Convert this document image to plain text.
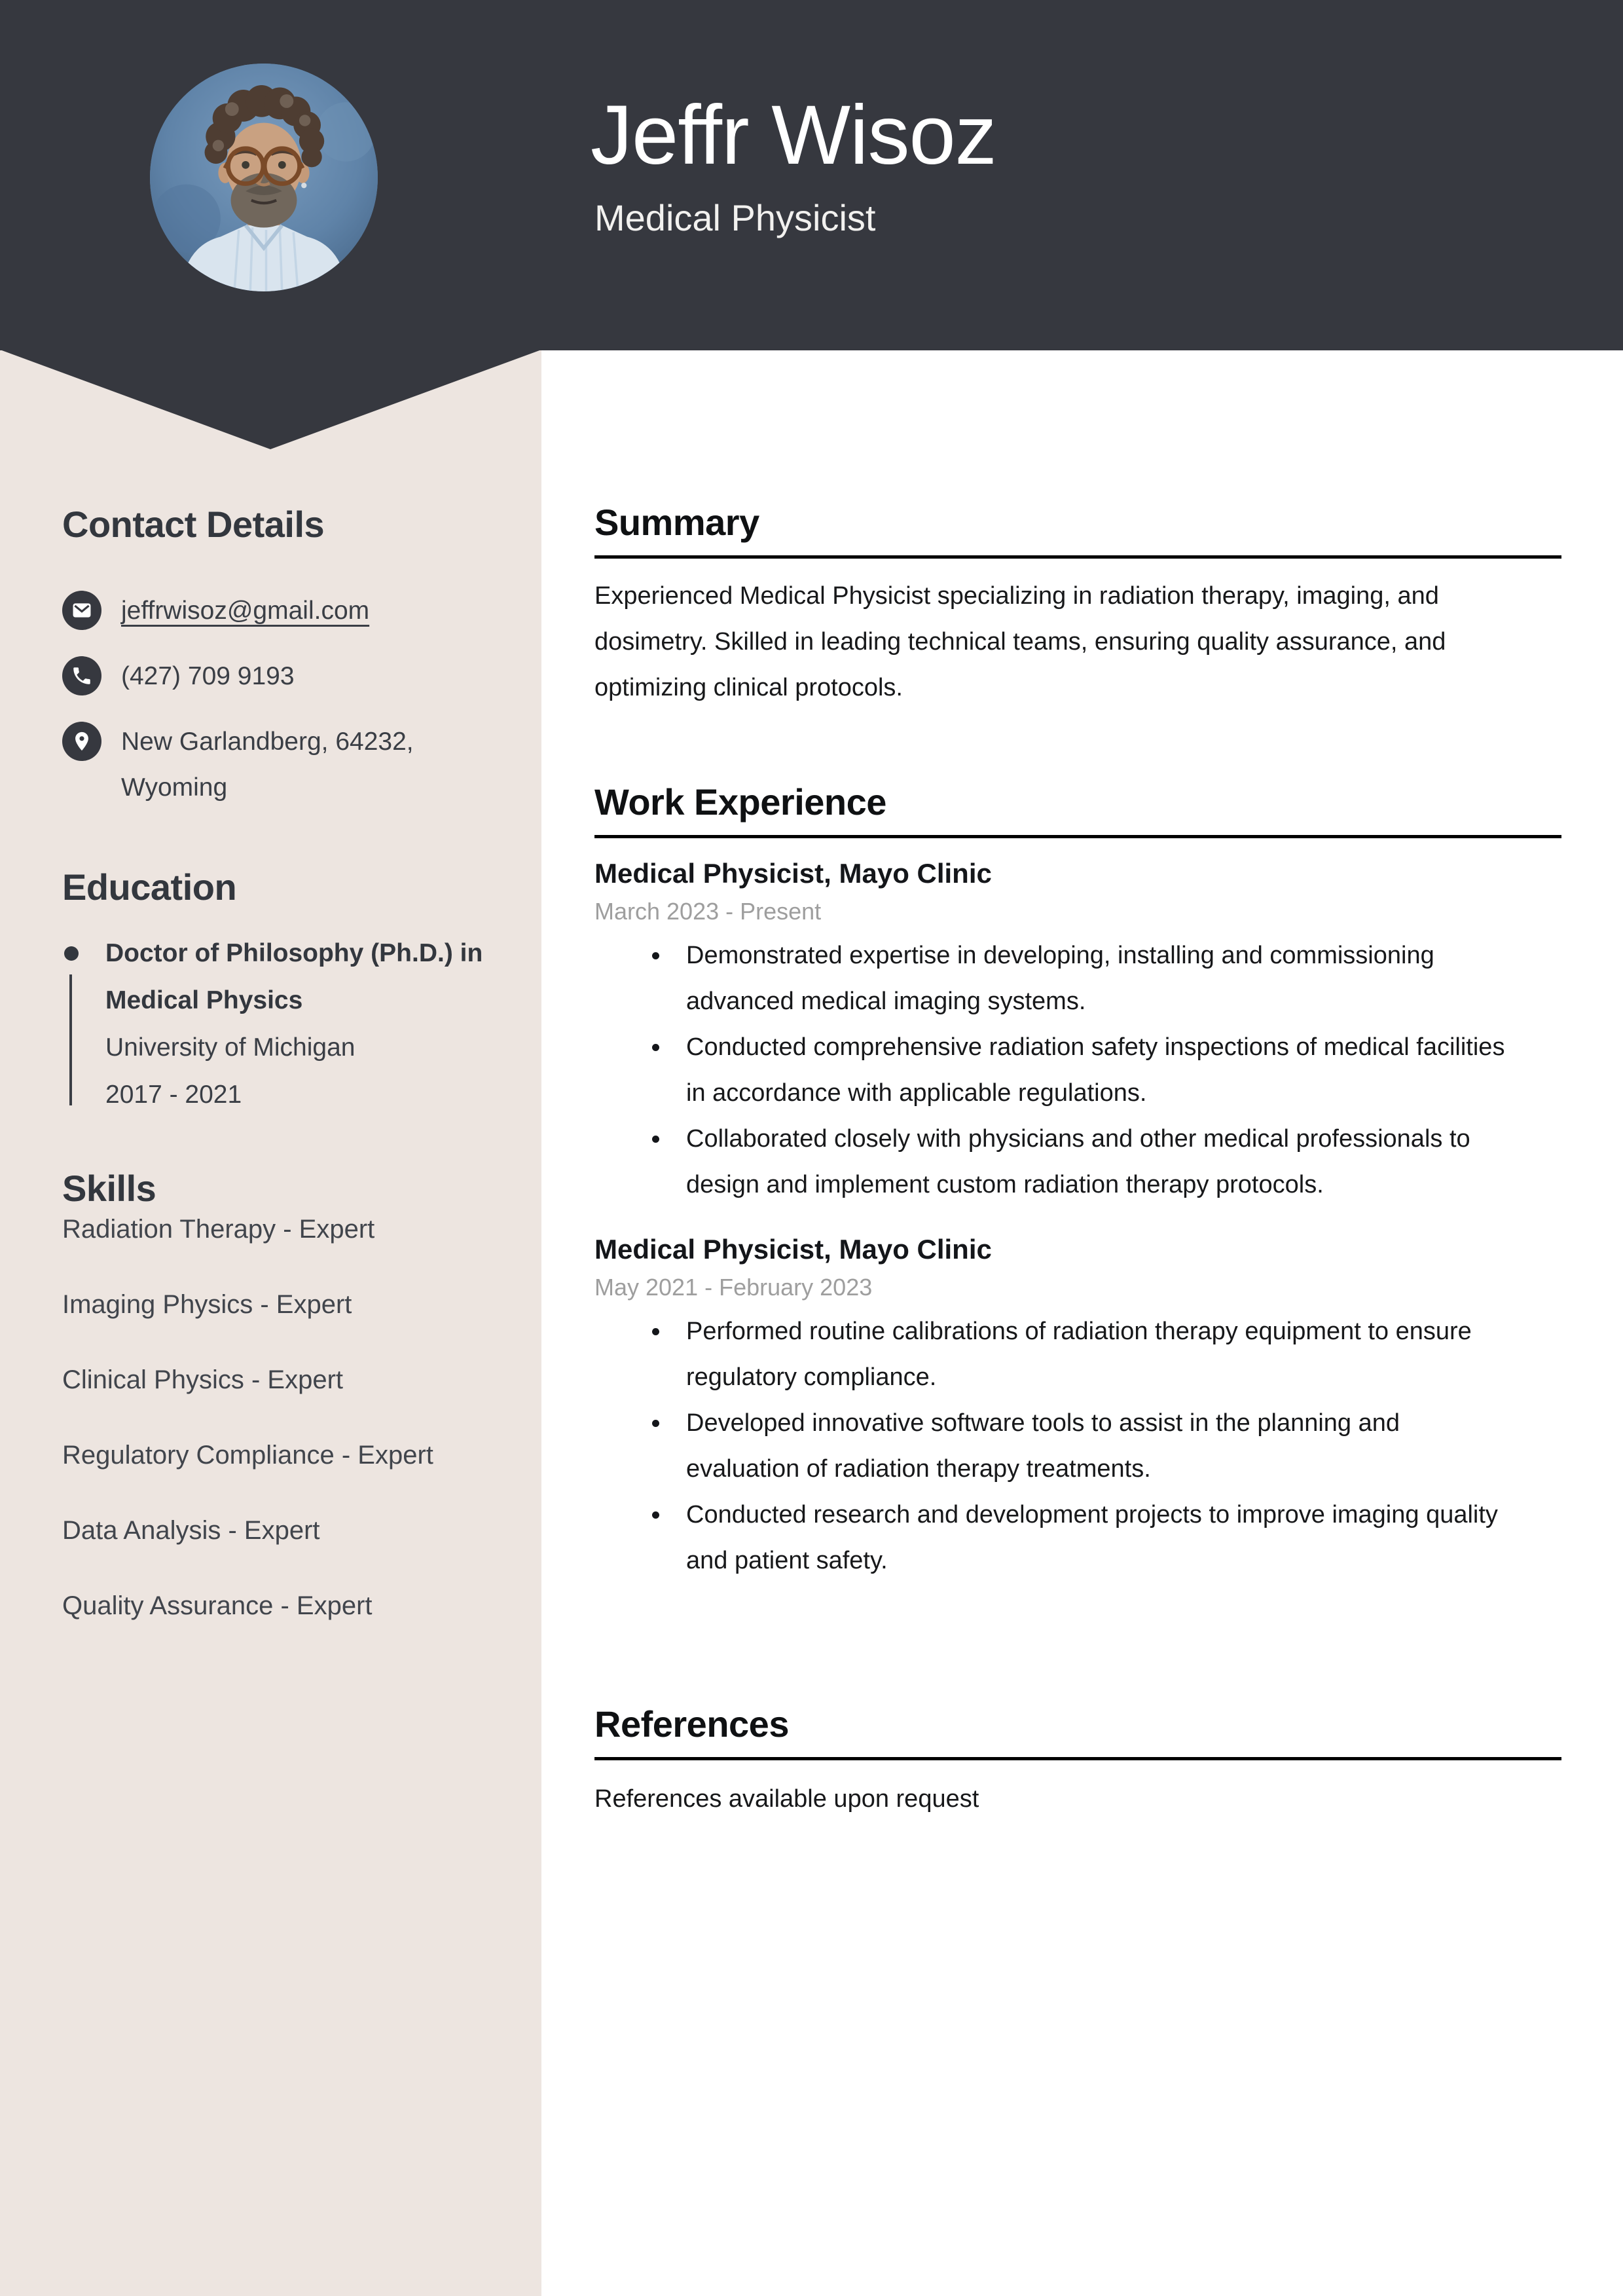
Jeffr Wisoz
Medical Physicist
Contact Details
jeffrwisoz@gmail.com
(427) 709 9193
New Garlandberg, 64232, Wyoming
Education
Doctor of Philosophy (Ph.D.) in Medical Physics
University of Michigan
2017 - 2021
Skills
Radiation Therapy - Expert
Imaging Physics - Expert
Clinical Physics - Expert
Regulatory Compliance - Expert
Data Analysis - Expert
Quality Assurance - Expert
Summary
Experienced Medical Physicist specializing in radiation therapy, imaging, and dosimetry. Skilled in leading technical teams, ensuring quality assurance, and optimizing clinical protocols.
Work Experience
Medical Physicist, Mayo Clinic
March 2023 - Present
Demonstrated expertise in developing, installing and commissioning advanced medical imaging systems.
Conducted comprehensive radiation safety inspections of medical facilities in accordance with applicable regulations.
Collaborated closely with physicians and other medical professionals to design and implement custom radiation therapy protocols.
Medical Physicist, Mayo Clinic
May 2021 - February 2023
Performed routine calibrations of radiation therapy equipment to ensure regulatory compliance.
Developed innovative software tools to assist in the planning and evaluation of radiation therapy treatments.
Conducted research and development projects to improve imaging quality and patient safety.
References
References available upon request
